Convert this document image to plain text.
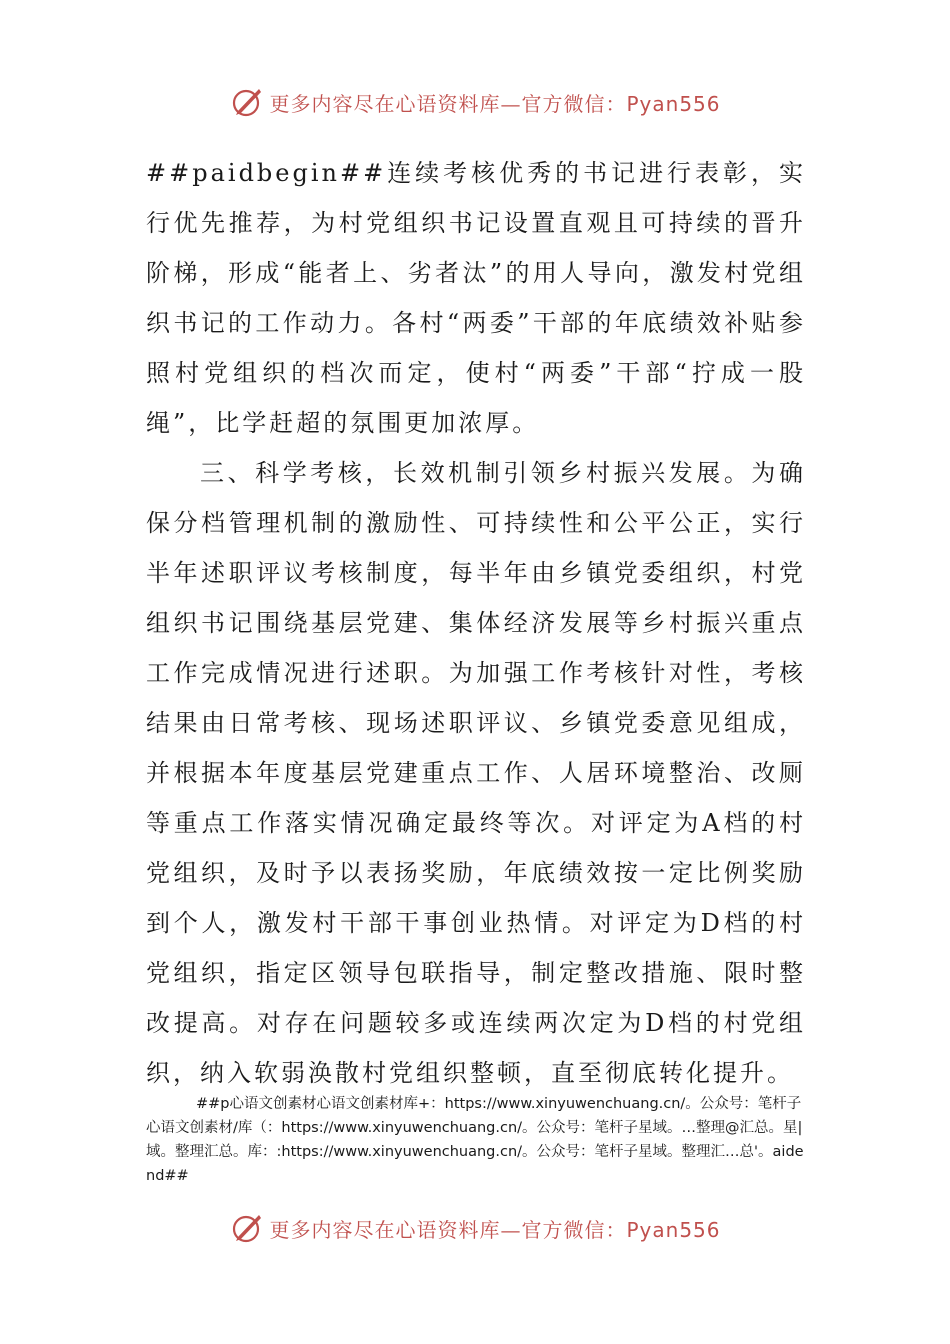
更多内容尽在心语资料库—官方微信：Pyan556

##paidbegin##连续考核优秀的书记进行表彰，实行优先推荐，为村党组织书记设置直观且可持续的晋升阶梯，形成“能者上、劣者汰”的用人导向，激发村党组织书记的工作动力。各村“两委”干部的年底绩效补贴参照村党组织的档次而定，使村“两委”干部“拧成一股绳”，比学赶超的氛围更加浓厚。

三、科学考核，长效机制引领乡村振兴发展。为确保分档管理机制的激励性、可持续性和公平公正，实行半年述职评议考核制度，每半年由乡镇党委组织，村党组织书记围绕基层党建、集体经济发展等乡村振兴重点工作完成情况进行述职。为加强工作考核针对性，考核结果由日常考核、现场述职评议、乡镇党委意见组成，并根据本年度基层党建重点工作、人居环境整治、改厕等重点工作落实情况确定最终等次。对评定为A档的村党组织，及时予以表扬奖励，年底绩效按一定比例奖励到个人，激发村干部干事创业热情。对评定为D档的村党组织，指定区领导包联指导，制定整改措施、限时整改提高。对存在问题较多或连续两次定为D档的村党组织，纳入软弱涣散村党组织整顿，直至彻底转化提升。

##p心语文创素材心语文创素材库+：https://www.xinyuwenchuang.cn/。公众号：笔杆子心语文创素材/库（：https://www.xinyuwenchuang.cn/。公众号：笔杆子星域。…整理@汇总。星|域。整理汇总。库：:https://www.xinyuwenchuang.cn/。公众号：笔杆子星域。整理汇…总'。aidend##
更多内容尽在心语资料库—官方微信：Pyan556
